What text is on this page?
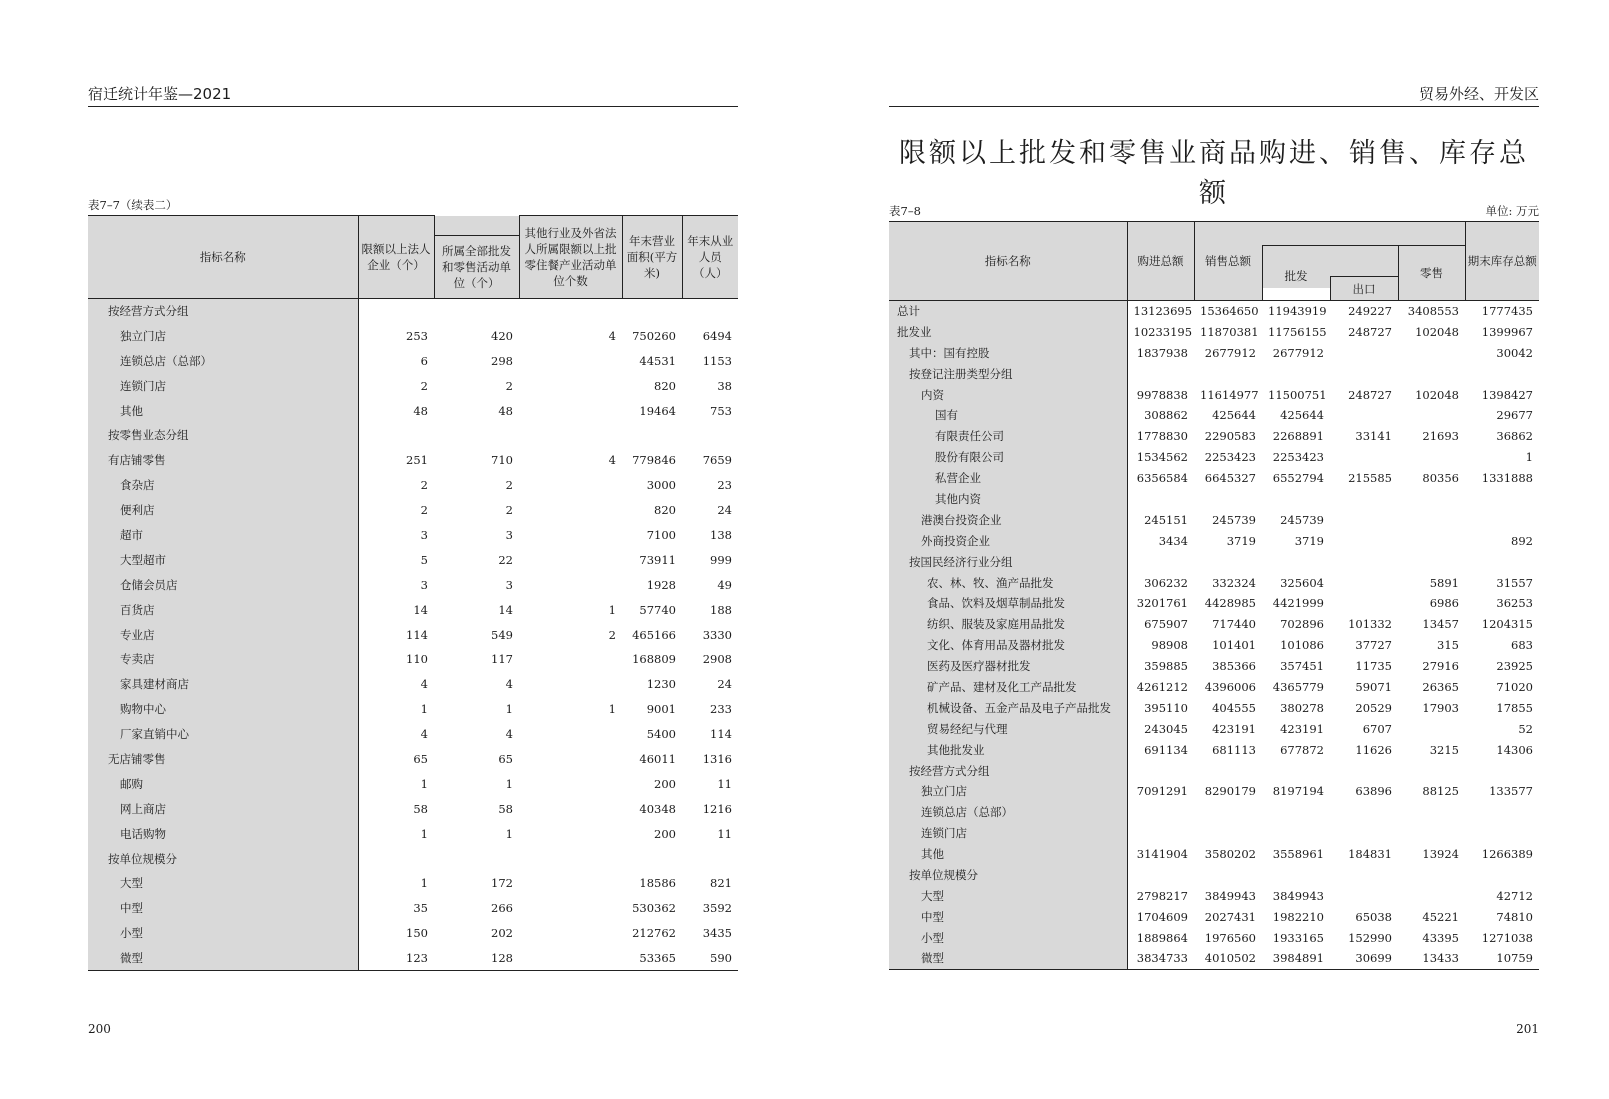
宿迁统计年鉴—2021
表7–7（续表二）
指标名称	限额以上法人企业（个）		其他行业及外省法人所属限额以上批零住餐产业活动单位个数	年末营业面积(平方米)	年末从业人员（人）
		所属全部批发和零售活动单位（个）			
按经营方式分组					
独立门店	253	420	4	750260	6494
连锁总店（总部）	6	298		44531	1153
连锁门店	2	2		820	38
其他	48	48		19464	753
按零售业态分组					
有店铺零售	251	710	4	779846	7659
食杂店	2	2		3000	23
便利店	2	2		820	24
超市	3	3		7100	138
大型超市	5	22		73911	999
仓储会员店	3	3		1928	49
百货店	14	14	1	57740	188
专业店	114	549	2	465166	3330
专卖店	110	117		168809	2908
家具建材商店	4	4		1230	24
购物中心	1	1	1	9001	233
厂家直销中心	4	4		5400	114
无店铺零售	65	65		46011	1316
邮购	1	1		200	11
网上商店	58	58		40348	1216
电话购物	1	1		200	11
按单位规模分					
大型	1	172		18586	821
中型	35	266		530362	3592
小型	150	202		212762	3435
微型	123	128		53365	590
200
贸易外经、开发区
限额以上批发和零售业商品购进、销售、库存总额
表7–8	单位: 万元
指标名称	购进总额	销售总额				期末库存总额
					零售	
			批发	出口		
总计	13123695	15364650	11943919	249227	3408553	1777435
批发业	10233195	11870381	11756155	248727	102048	1399967
其中：国有控股	1837938	2677912	2677912			30042
按登记注册类型分组						
内资	9978838	11614977	11500751	248727	102048	1398427
国有	308862	425644	425644			29677
有限责任公司	1778830	2290583	2268891	33141	21693	36862
股份有限公司	1534562	2253423	2253423			1
私营企业	6356584	6645327	6552794	215585	80356	1331888
其他内资						
港澳台投资企业	245151	245739	245739			
外商投资企业	3434	3719	3719			892
按国民经济行业分组						
农、林、牧、渔产品批发	306232	332324	325604		5891	31557
食品、饮料及烟草制品批发	3201761	4428985	4421999		6986	36253
纺织、服装及家庭用品批发	675907	717440	702896	101332	13457	1204315
文化、体育用品及器材批发	98908	101401	101086	37727	315	683
医药及医疗器材批发	359885	385366	357451	11735	27916	23925
矿产品、建材及化工产品批发	4261212	4396006	4365779	59071	26365	71020
机械设备、五金产品及电子产品批发	395110	404555	380278	20529	17903	17855
贸易经纪与代理	243045	423191	423191	6707		52
其他批发业	691134	681113	677872	11626	3215	14306
按经营方式分组						
独立门店	7091291	8290179	8197194	63896	88125	133577
连锁总店（总部）						
连锁门店						
其他	3141904	3580202	3558961	184831	13924	1266389
按单位规模分						
大型	2798217	3849943	3849943			42712
中型	1704609	2027431	1982210	65038	45221	74810
小型	1889864	1976560	1933165	152990	43395	1271038
微型	3834733	4010502	3984891	30699	13433	10759
201
